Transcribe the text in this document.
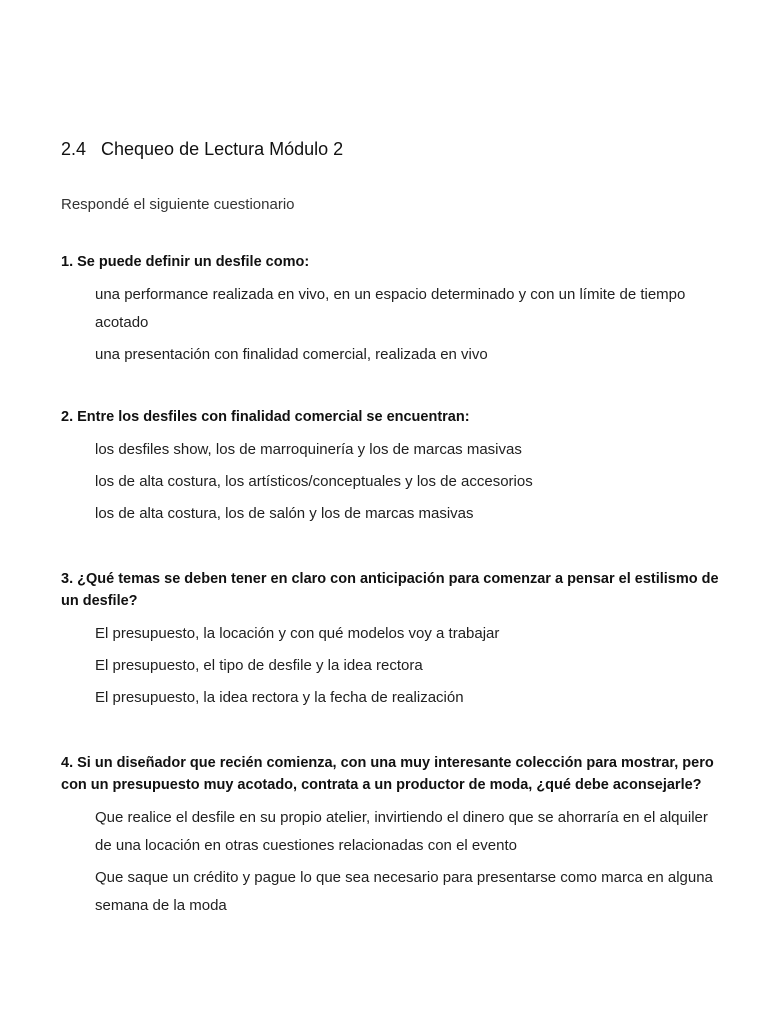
2.4 Chequeo de Lectura Módulo 2
Respondé el siguiente cuestionario
1. Se puede definir un desfile como:
una performance realizada en vivo, en un espacio determinado y con un límite de tiempo acotado
una presentación con finalidad comercial, realizada en vivo
2. Entre los desfiles con finalidad comercial se encuentran:
los desfiles show, los de marroquinería y los de marcas masivas
los de alta costura, los artísticos/conceptuales y los de accesorios
los de alta costura, los de salón y los de marcas masivas
3. ¿Qué temas se deben tener en claro con anticipación para comenzar a pensar el estilismo de un desfile?
El presupuesto, la locación y con qué modelos voy a trabajar
El presupuesto, el tipo de desfile y la idea rectora
El presupuesto, la idea rectora y la fecha de realización
4. Si un diseñador que recién comienza, con una muy interesante colección para mostrar, pero con un presupuesto muy acotado, contrata a un productor de moda, ¿qué debe aconsejarle?
Que realice el desfile en su propio atelier, invirtiendo el dinero que se ahorraría en el alquiler de una locación en otras cuestiones relacionadas con el evento
Que saque un crédito y pague lo que sea necesario para presentarse como marca en alguna semana de la moda
